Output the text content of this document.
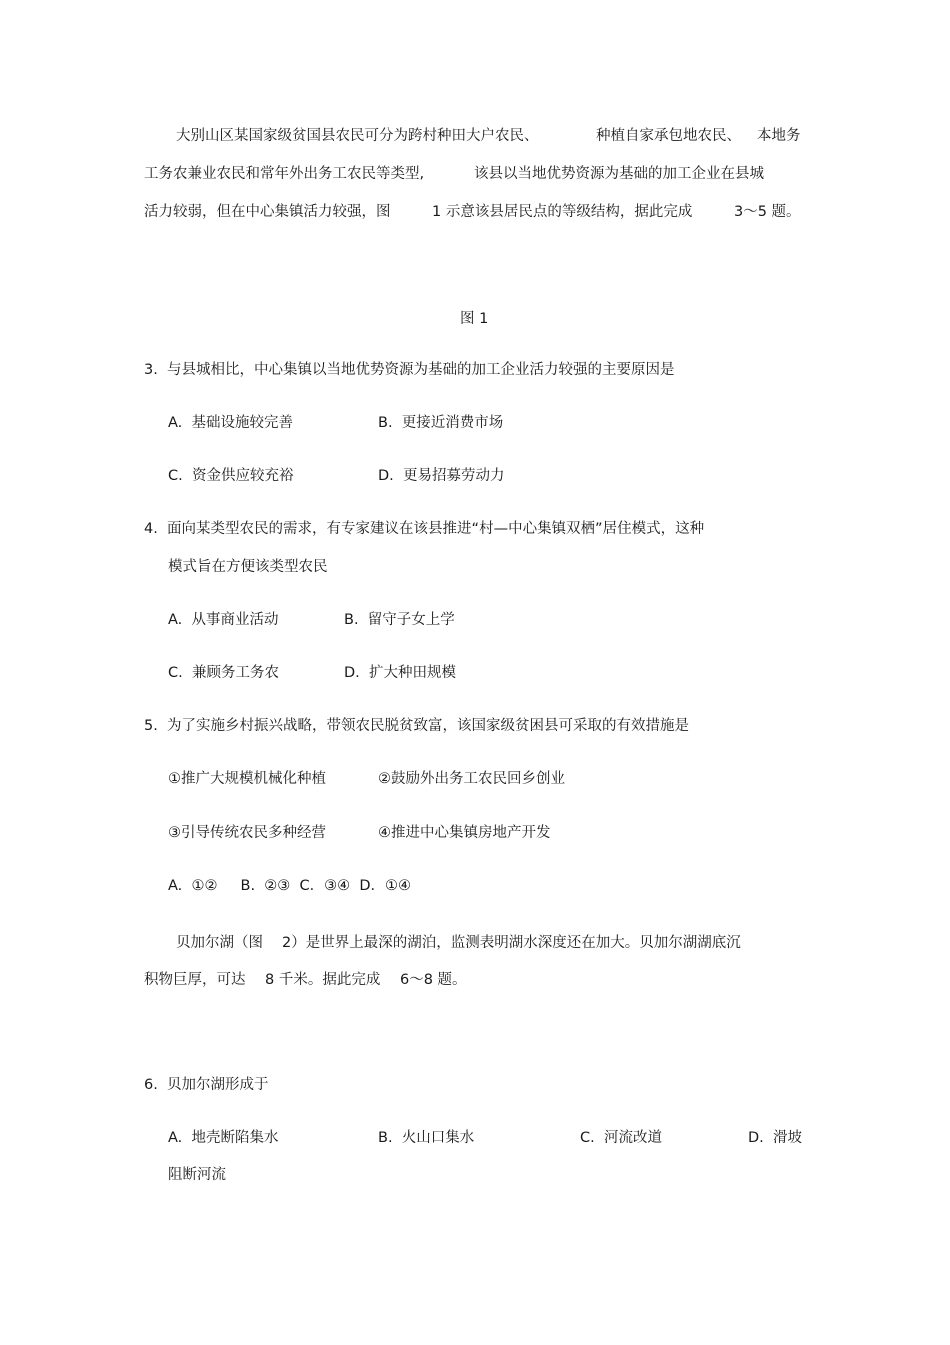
大别山区某国家级贫国县农民可分为跨村种田大户农民、	种植自家承包地农民、 本地务
工务农兼业农民和常年外出务工农民等类型,	该县以当地优势资源为基础的加工企业在县城
活力较弱，但在中心集镇活力较强，图	1 示意该县居民点的等级结构，据此完成	3～5 题。
图 1
3.  与县城相比，中心集镇以当地优势资源为基础的加工企业活力较强的主要原因是
A.  基础设施较完善	B.  更接近消费市场
C.  资金供应较充裕	D.  更易招募劳动力
4.  面向某类型农民的需求，有专家建议在该县推进“村—中心集镇双栖”居住模式，这种
模式旨在方便该类型农民
A.  从事商业活动	B.  留守子女上学
C.  兼顾务工务农	D.  扩大种田规模
5.  为了实施乡村振兴战略，带领农民脱贫致富，该国家级贫困县可采取的有效措施是
①推广大规模机械化种植	②鼓励外出务工农民回乡创业
③引导传统农民多种经营	④推进中心集镇房地产开发
A.  ①②     B.  ②③  C．③④  D．①④
贝加尔湖（图 2）是世界上最深的湖泊，监测表明湖水深度还在加大。贝加尔湖湖底沉
积物巨厚，可达 8 千米。据此完成 6～8 题。
6.  贝加尔湖形成于
A.  地壳断陷集水	B.  火山口集水	C.  河流改道	D.  滑坡
阻断河流
